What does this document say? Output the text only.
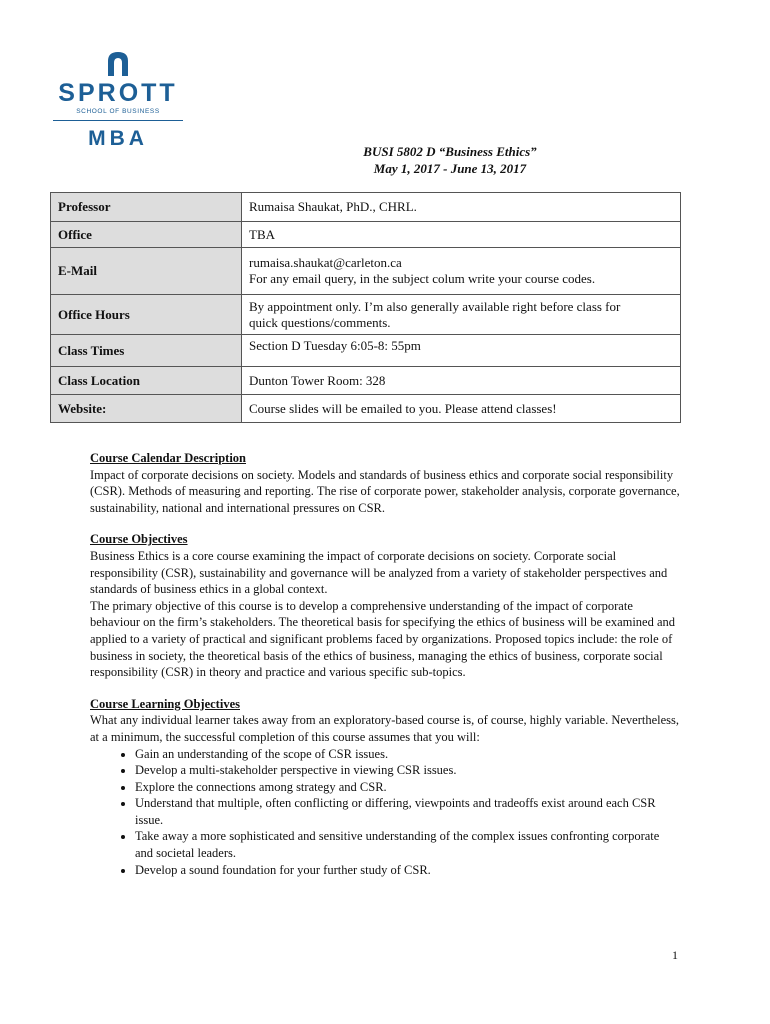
SPROTT
SCHOOL OF BUSINESS
MBA
BUSI 5802 D “Business Ethics”
May 1, 2017 - June 13, 2017
Professor	Rumaisa Shaukat, PhD., CHRL.

Office	TBA

E-Mail	rumaisa.shaukat@carleton.ca
For any email query, in the subject colum write your course codes.

Office Hours	By appointment only. I’m also generally available right before class for
quick questions/comments.

Class Times	Section D Tuesday 6:05-8: 55pm

Class Location	Dunton Tower Room: 328

Website:	Course slides will be emailed to you. Please attend classes!
Course Calendar Description

Impact of corporate decisions on society. Models and standards of business ethics and corporate social responsibility (CSR). Methods of measuring and reporting. The rise of corporate power, stakeholder analysis, corporate governance, sustainability, national and international pressures on CSR.

Course Objectives

Business Ethics is a core course examining the impact of corporate decisions on society. Corporate social responsibility (CSR), sustainability and governance will be analyzed from a variety of stakeholder perspectives and standards of business ethics in a global context.

The primary objective of this course is to develop a comprehensive understanding of the impact of corporate behaviour on the firm’s stakeholders. The theoretical basis for specifying the ethics of business will be examined and applied to a variety of practical and significant problems faced by organizations. Proposed topics include: the role of business in society, the theoretical basis of the ethics of business, managing the ethics of business, corporate social responsibility (CSR) in theory and practice and various specific sub-topics.

Course Learning Objectives

What any individual learner takes away from an exploratory-based course is, of course, highly variable. Nevertheless, at a minimum, the successful completion of this course assumes that you will:

• Gain an understanding of the scope of CSR issues.
• Develop a multi-stakeholder perspective in viewing CSR issues.
• Explore the connections among strategy and CSR.
• Understand that multiple, often conflicting or differing, viewpoints and tradeoffs exist around each CSR issue.
• Take away a more sophisticated and sensitive understanding of the complex issues confronting corporate and societal leaders.
• Develop a sound foundation for your further study of CSR.
1
